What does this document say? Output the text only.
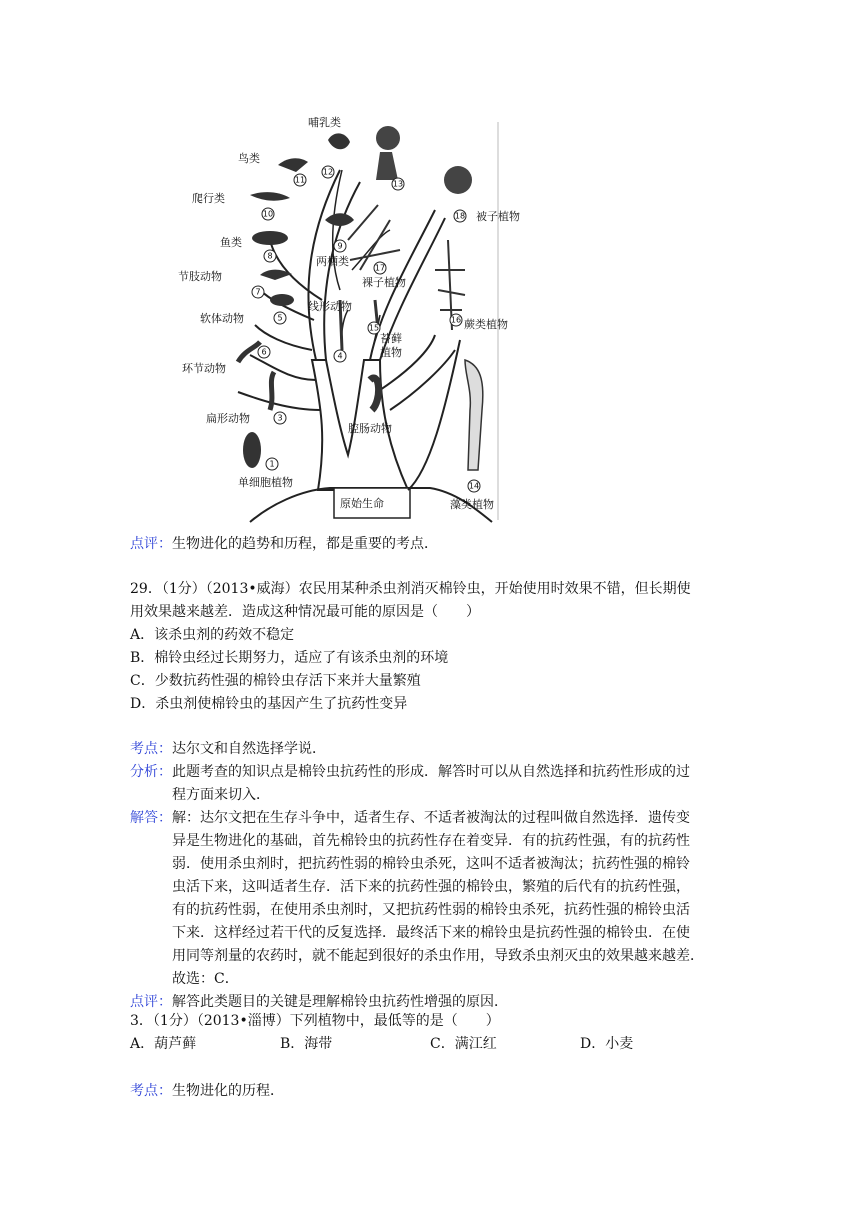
哺乳类
鸟类
爬行类
鱼类
节肢动物
软体动物
环节动物
扁形动物
单细胞植物
两栖类
线形动物
腔肠动物
裸子植物
苔藓
植物
蕨类植物
被子植物
藻类植物
原始生命
1
3
4
5
6
7
8
9
10
11
12
13
14
15
16
17
18
点评：生物进化的趋势和历程，都是重要的考点．
29．（1分）（2013•威海）农民用某种杀虫剂消灭棉铃虫，开始使用时效果不错，但长期使
用效果越来越差．造成这种情况最可能的原因是（　　）
A．该杀虫剂的药效不稳定
B．棉铃虫经过长期努力，适应了有该杀虫剂的环境
C．少数抗药性强的棉铃虫存活下来并大量繁殖
D．杀虫剂使棉铃虫的基因产生了抗药性变异
考点：达尔文和自然选择学说．
分析：此题考查的知识点是棉铃虫抗药性的形成．解答时可以从自然选择和抗药性形成的过
程方面来切入．
解答：解：达尔文把在生存斗争中，适者生存、不适者被淘汰的过程叫做自然选择．遗传变
异是生物进化的基础，首先棉铃虫的抗药性存在着变异．有的抗药性强，有的抗药性
弱．使用杀虫剂时，把抗药性弱的棉铃虫杀死，这叫不适者被淘汰；抗药性强的棉铃
虫活下来，这叫适者生存．活下来的抗药性强的棉铃虫，繁殖的后代有的抗药性强，
有的抗药性弱，在使用杀虫剂时，又把抗药性弱的棉铃虫杀死，抗药性强的棉铃虫活
下来．这样经过若干代的反复选择．最终活下来的棉铃虫是抗药性强的棉铃虫．在使
用同等剂量的农药时，就不能起到很好的杀虫作用，导致杀虫剂灭虫的效果越来越差．
故选：C．
点评：解答此类题目的关键是理解棉铃虫抗药性增强的原因．
3．（1分）（2013•淄博）下列植物中，最低等的是（　　）
A．葫芦藓	B．海带	C．满江红	D．小麦
考点：生物进化的历程．
